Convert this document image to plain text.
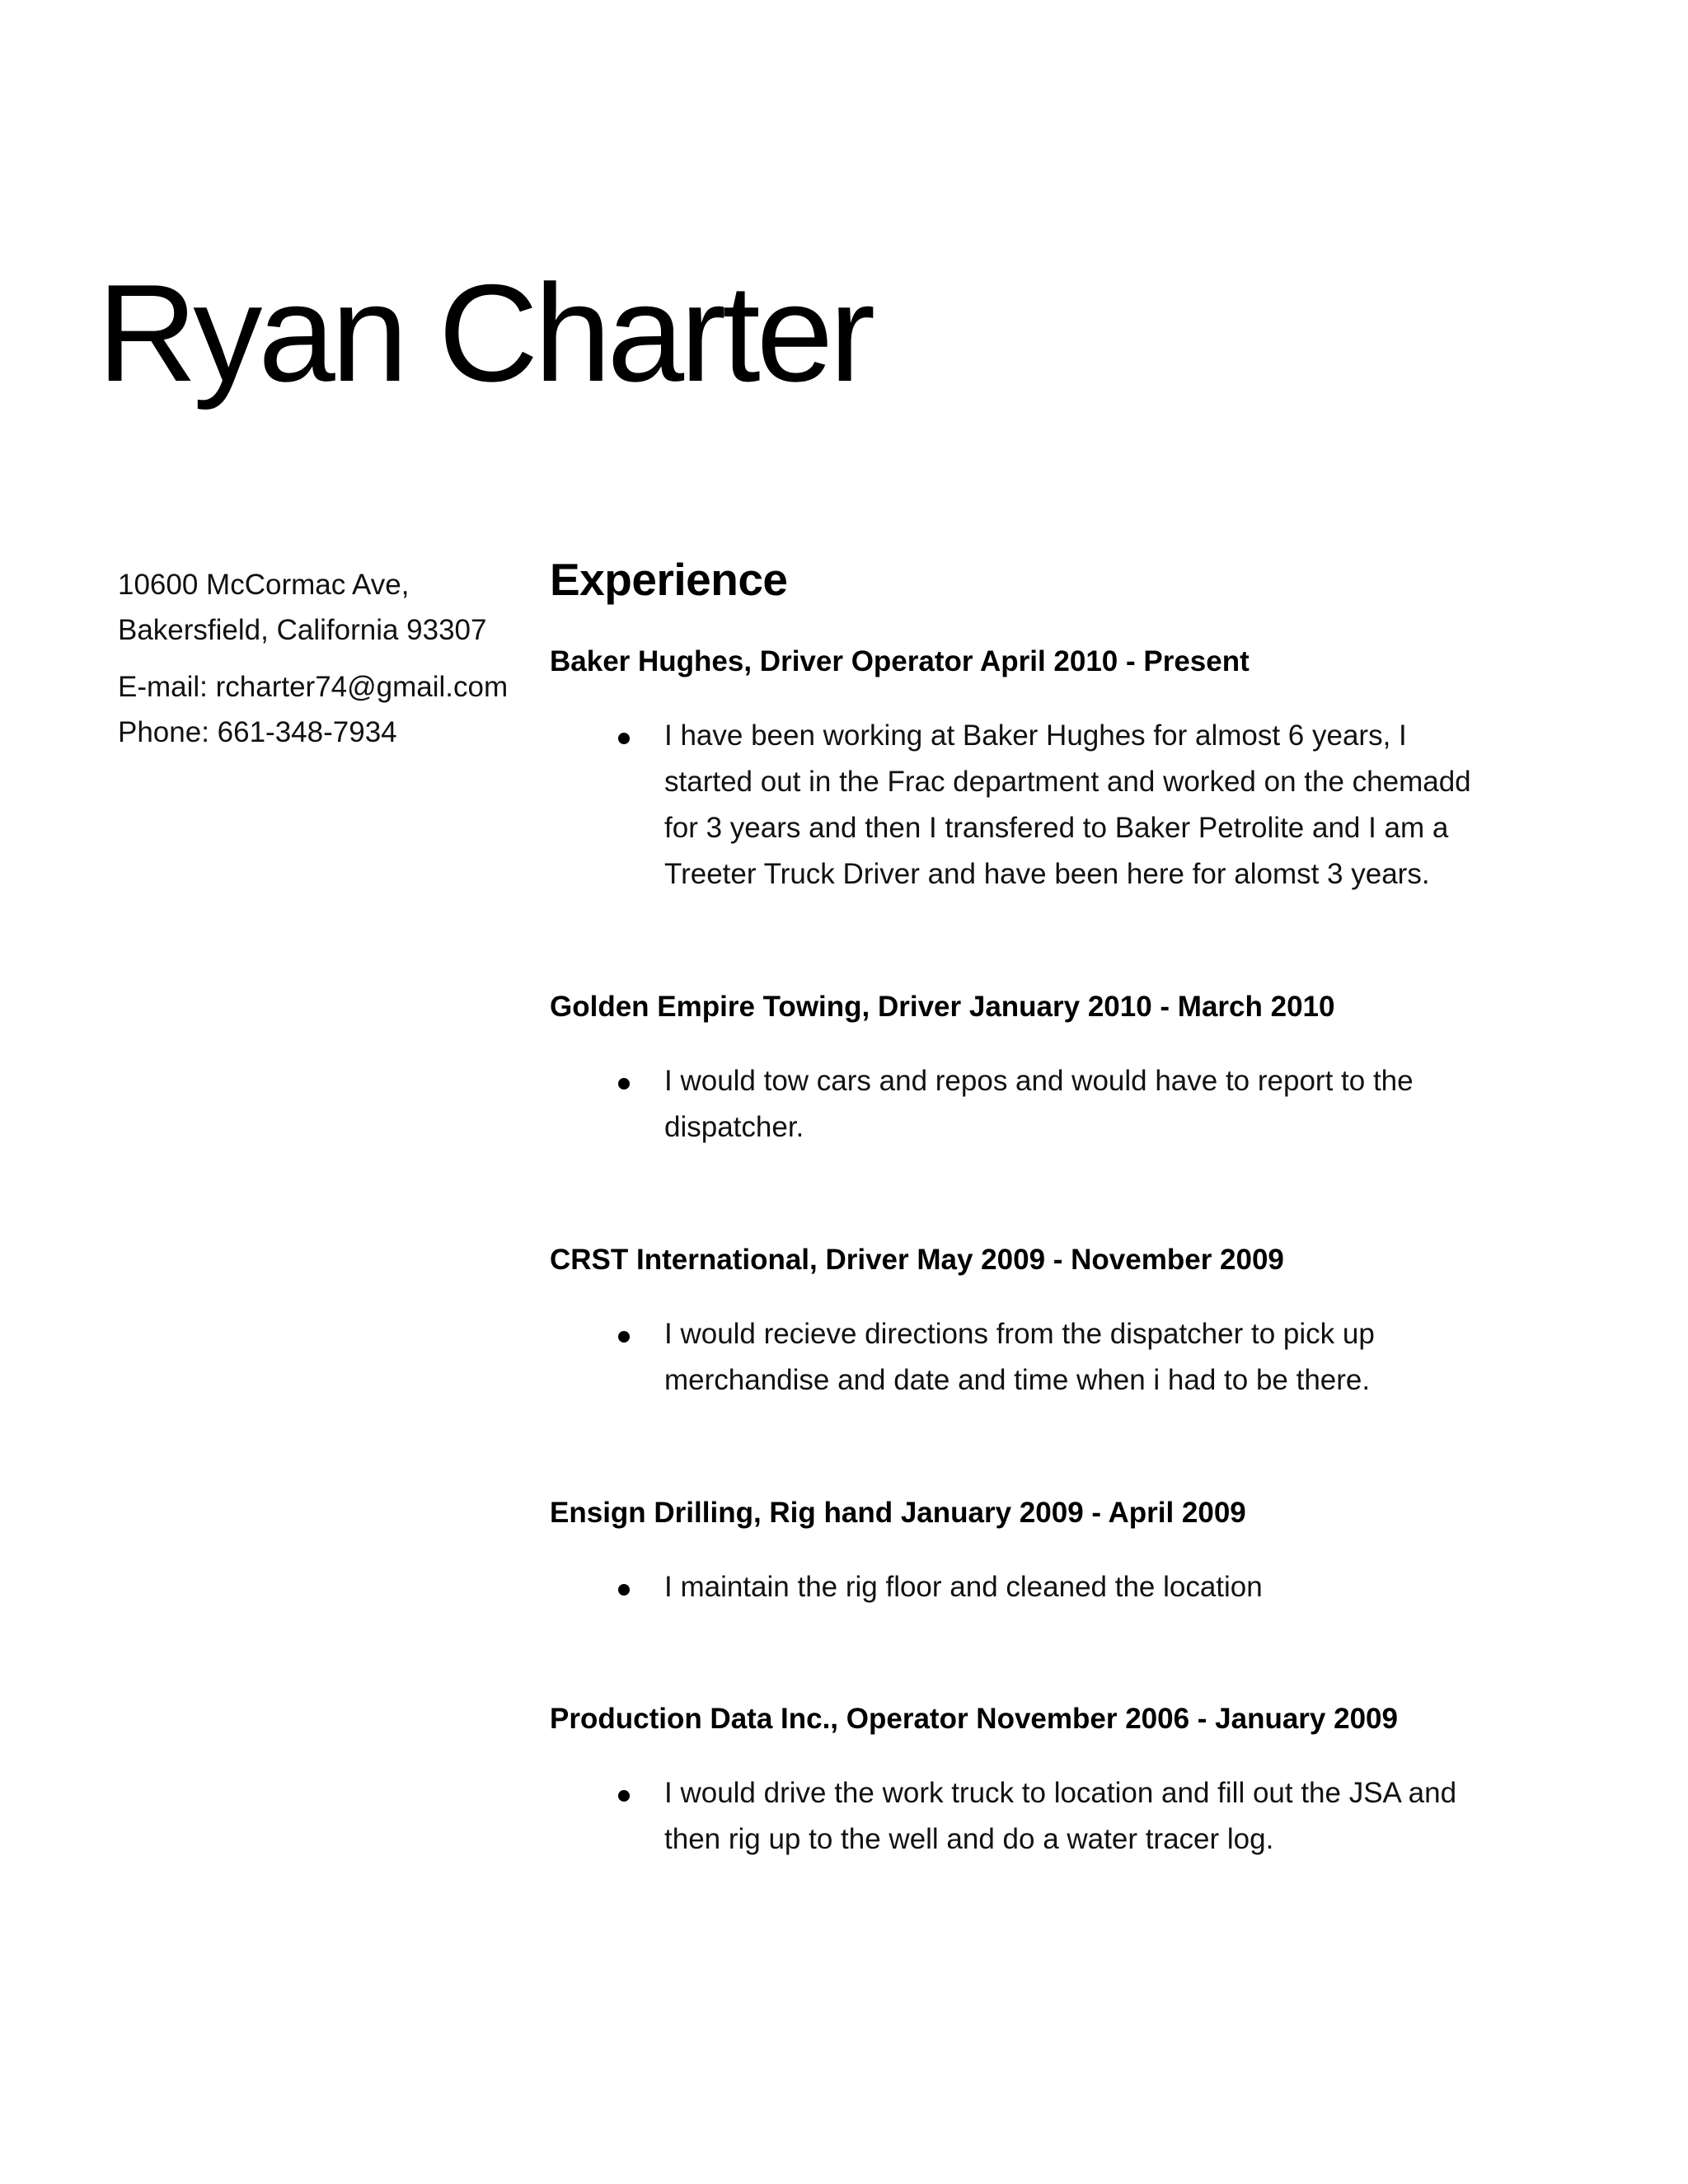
Ryan Charter
10600 McCormac Ave,
Bakersfield, California 93307
E-mail: rcharter74@gmail.com
Phone: 661-348-7934
Experience

Baker Hughes, Driver Operator April 2010 - Present

I have been working at Baker Hughes for almost 6 years, I
started out in the Frac department and worked on the chemadd
for 3 years and then I transfered to Baker Petrolite and I am a
Treeter Truck Driver and have been here for alomst 3 years.

Golden Empire Towing, Driver January 2010 - March 2010

I would tow cars and repos and would have to report to the
dispatcher.

CRST International, Driver May 2009 - November 2009

I would recieve directions from the dispatcher to pick up
merchandise and date and time when i had to be there.

Ensign Drilling, Rig hand January 2009 - April 2009

I maintain the rig floor and cleaned the location

Production Data Inc., Operator November 2006 - January 2009

I would drive the work truck to location and fill out the JSA and
then rig up to the well and do a water tracer log.
